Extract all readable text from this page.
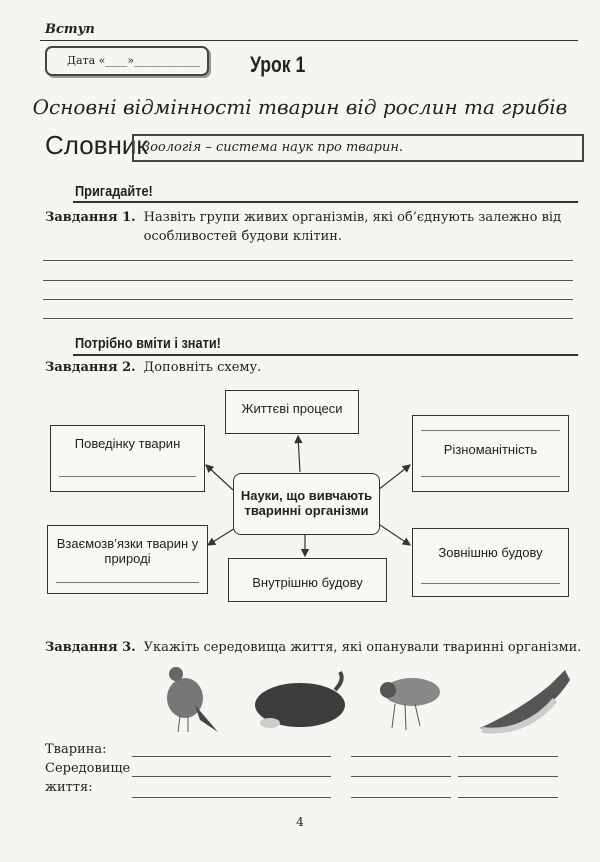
Вступ
Дата «____»____________	Урок 1
Основні відмінності тварин від рослин та грибів
Словник
Зоологія – система наук про тварин.
Пригадайте!
Завдання 1. Назвіть групи живих організмів, які об’єднують залежно від особливостей будови клітин.
Потрібно вміти і знати!
Завдання 2. Доповніть схему.
Життєві процеси
Поведінку тварин	Різноманітність
Науки, що вивчають тваринні організми
Взаємозв’язки тварин у природі
Внутрішню будову
Зовнішню будову
Завдання 3. Укажіть середовища життя, які опанували тваринні організми.
Тварина:
Середовище
життя:
4
